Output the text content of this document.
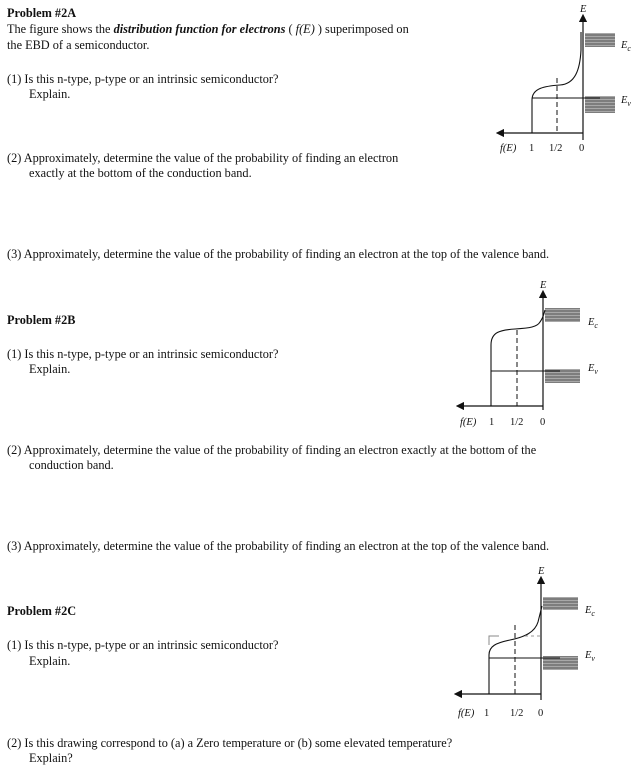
Problem #2A
The figure shows the distribution function for electrons ( f(E) ) superimposed on
the EBD of a semiconductor.
(1) Is this n-type, p-type or an intrinsic semiconductor?
Explain.
(2) Approximately, determine the value of the probability of finding an electron
exactly at the bottom of the conduction band.
(3) Approximately, determine the value of the probability of finding an electron at the top of the valence band.
Problem #2B
(1) Is this n-type, p-type or an intrinsic semiconductor?
Explain.
(2) Approximately, determine the value of the probability of finding an electron exactly at the bottom of the
conduction band.
(3) Approximately, determine the value of the probability of finding an electron at the top of the valence band.
Problem #2C
(1) Is this n-type, p-type or an intrinsic semiconductor?
Explain.
(2) Is this drawing correspond to (a) a Zero temperature or (b) some elevated temperature?
Explain?
E
$E_c$
$E_v$
f(E) 1 1/2 0
E
$E_c$
$E_v$
f(E) 1 1/2 0
E
$E_c$
$E_v$
f(E) 1 1/2 0
